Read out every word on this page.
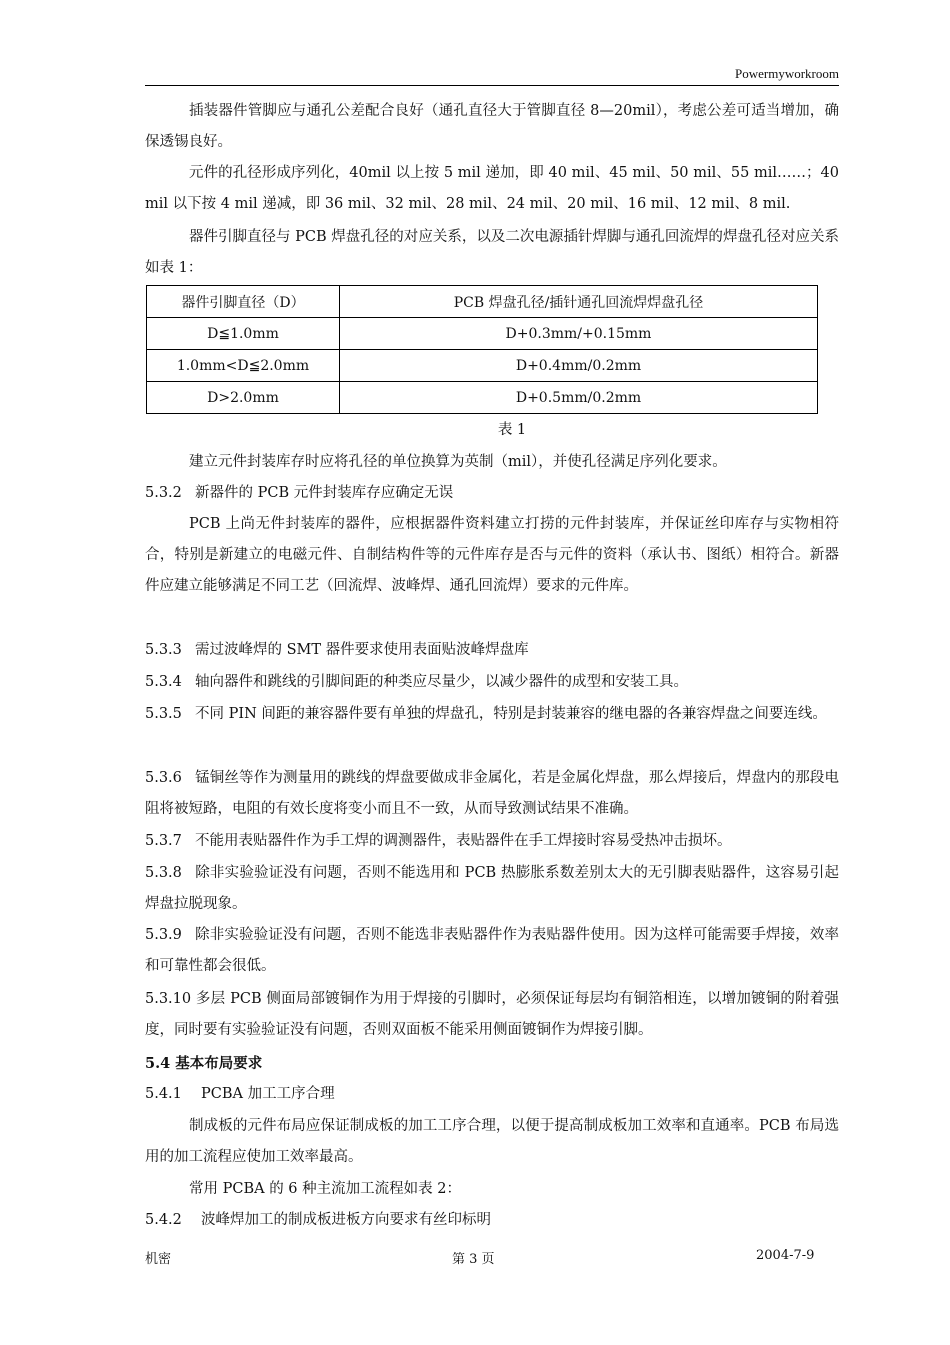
Powermyworkroom
插装器件管脚应与通孔公差配合良好（通孔直径大于管脚直径 8—20mil），考虑公差可适当增加，确保透锡良好。
元件的孔径形成序列化，40mil 以上按 5 mil 递加，即 40 mil、45 mil、50 mil、55 mil……；40 mil 以下按 4 mil 递减，即 36 mil、32 mil、28 mil、24 mil、20 mil、16 mil、12 mil、8 mil.
器件引脚直径与 PCB 焊盘孔径的对应关系，以及二次电源插针焊脚与通孔回流焊的焊盘孔径对应关系如表 1：
器件引脚直径（D）	PCB 焊盘孔径/插针通孔回流焊焊盘孔径
D≦1.0mm	D+0.3mm/+0.15mm
1.0mm<D≦2.0mm	D+0.4mm/0.2mm
D>2.0mm	D+0.5mm/0.2mm
表 1
建立元件封装库存时应将孔径的单位换算为英制（mil），并使孔径满足序列化要求。
5.3.2 新器件的 PCB 元件封装库存应确定无误
PCB 上尚无件封装库的器件，应根据器件资料建立打捞的元件封装库，并保证丝印库存与实物相符合，特别是新建立的电磁元件、自制结构件等的元件库存是否与元件的资料（承认书、图纸）相符合。新器件应建立能够满足不同工艺（回流焊、波峰焊、通孔回流焊）要求的元件库。
5.3.3 需过波峰焊的 SMT 器件要求使用表面贴波峰焊盘库
5.3.4 轴向器件和跳线的引脚间距的种类应尽量少，以减少器件的成型和安装工具。
5.3.5 不同 PIN 间距的兼容器件要有单独的焊盘孔，特别是封装兼容的继电器的各兼容焊盘之间要连线。
5.3.6 锰铜丝等作为测量用的跳线的焊盘要做成非金属化，若是金属化焊盘，那么焊接后，焊盘内的那段电阻将被短路，电阻的有效长度将变小而且不一致，从而导致测试结果不准确。
5.3.7 不能用表贴器件作为手工焊的调测器件，表贴器件在手工焊接时容易受热冲击损坏。
5.3.8 除非实验验证没有问题，否则不能选用和 PCB 热膨胀系数差别太大的无引脚表贴器件，这容易引起焊盘拉脱现象。
5.3.9 除非实验验证没有问题，否则不能选非表贴器件作为表贴器件使用。因为这样可能需要手焊接，效率和可靠性都会很低。
5.3.10 多层 PCB 侧面局部镀铜作为用于焊接的引脚时，必须保证每层均有铜箔相连，以增加镀铜的附着强度，同时要有实验验证没有问题，否则双面板不能采用侧面镀铜作为焊接引脚。
5.4 基本布局要求
5.4.1 PCBA 加工工序合理
制成板的元件布局应保证制成板的加工工序合理，以便于提高制成板加工效率和直通率。PCB 布局选用的加工流程应使加工效率最高。
常用 PCBA 的 6 种主流加工流程如表 2：
5.4.2 波峰焊加工的制成板进板方向要求有丝印标明
机密	第 3 页	2004-7-9
